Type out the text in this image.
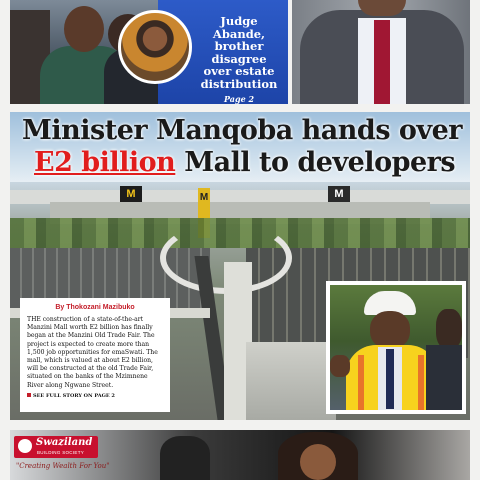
Judge Abande,
brother
disagree
over estate
distribution
Page 2
Minister Manqoba hands over
E2 billion Mall to developers
M	M	M
By Thokozani Mazibuko
THE construction of a state-of-the-art Manzini Mall worth E2 billion has finally began at the Manzini Old Trade Fair. The project is expected to create more than 1,500 job opportunities for emaSwati. The mall, which is valued at about E2 billion, will be constructed at the old Trade Fair, situated on the banks of the Mzimnene River along Ngwane Street.
SEE FULL STORY ON PAGE 2
Swaziland
BUILDING SOCIETY
"Creating Wealth For You"
